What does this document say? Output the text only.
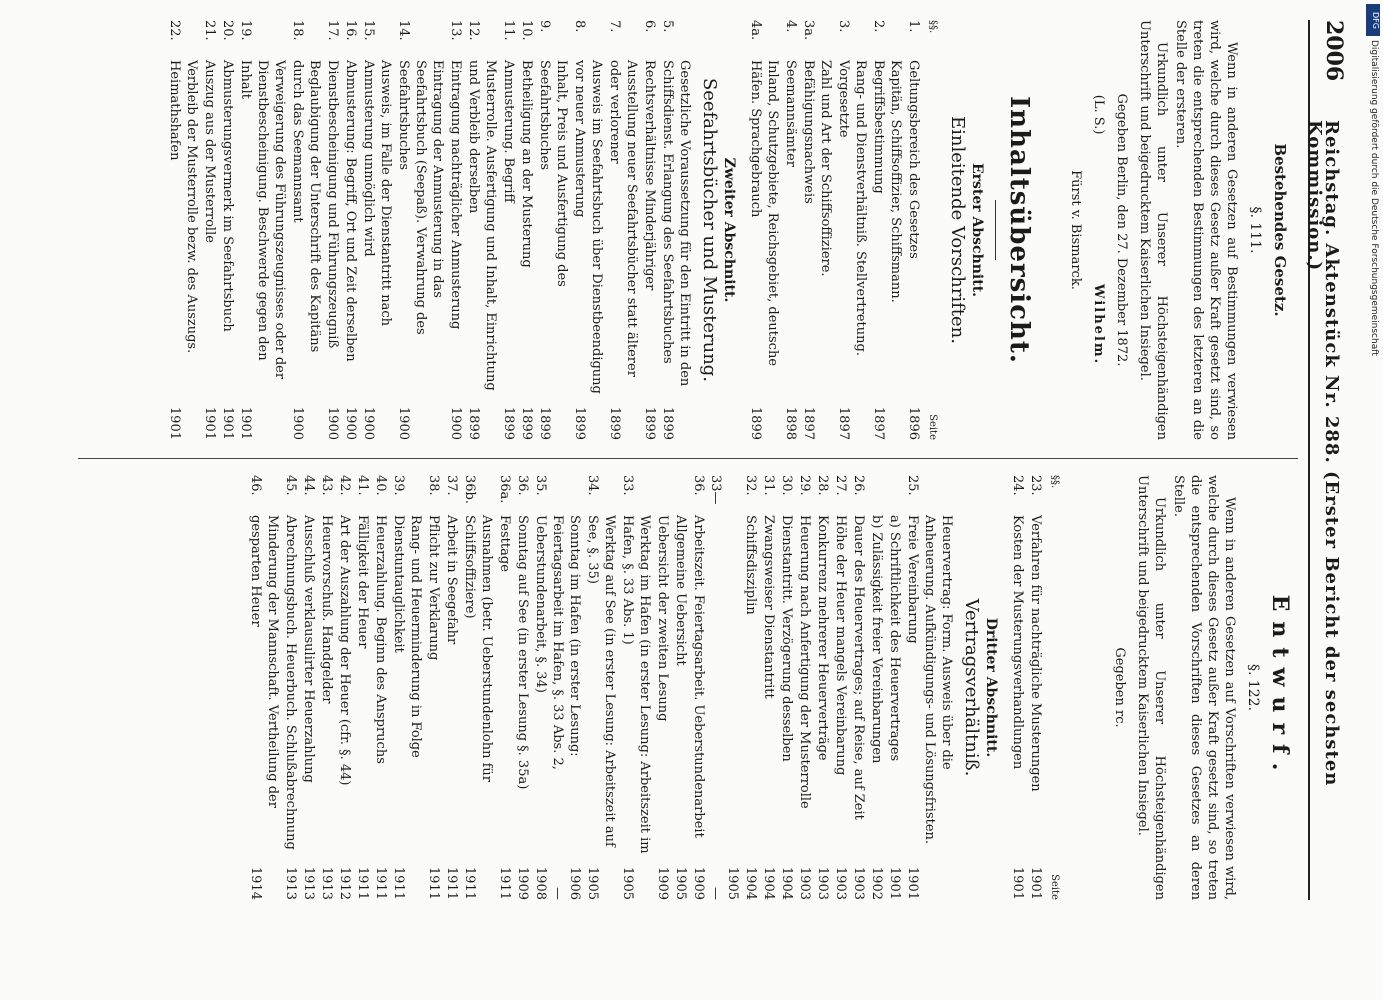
DFG
Digitalisierung gefördert durch die Deutsche Forschungsgemeinschaft
2006
Reichstag. Aktenstück Nr. 288. (Erster Bericht der sechsten Kommission.)
Bestehendes Gesetz.
§. 111.

Wenn in anderen Gesetzen auf Bestimmungen verwiesen wird, welche durch dieses Gesetz außer Kraft gesetzt sind, so treten die entsprechenden Bestimmungen des letzteren an die Stelle der ersteren.

Urkundlich unter Unserer Höchsteigenhändigen Unterschrift und beigedrucktem Kaiserlichen Insiegel.

Gegeben Berlin, den 27. Dezember 1872.
(L. S.)
Wilhelm.
Fürst v. Bismarck.
Inhaltsübersicht.
Erster Abschnitt.
Einleitende Vorschriften.
§§.
Seite
1.
Geltungsbereich des Gesetzes
1896
2.
Kapitän, Schiffsoffizier, Schiffsmann. Begriffsbestimmung
1897
3.
Rang- und Dienstverhältniß. Stellvertretung. Vorgesetzte
1897
3a.
Zahl und Art der Schiffsoffiziere. Befähigungsnachweis
1897
4.
Seemannsämter
1898
4a.
Inland, Schutzgebiete, Reichsgebiet, deutsche Häfen. Sprachgebrauch
1899
Zweiter Abschnitt.
Seefahrtsbücher und Musterung.
5.
Gesetzliche Voraussetzung für den Eintritt in den Schiffsdienst. Erlangung des Seefahrtsbuches
1899
6.
Rechtsverhältnisse Minderjähriger
1899
7.
Ausstellung neuer Seefahrtsbücher statt älterer oder verlorener
1899
8.
Ausweis im Seefahrtsbuch über Dienstbeendigung vor neuer Anmusterung
1899
9.
Inhalt, Preis und Ausfertigung des Seefahrtsbuches
1899
10.
Betheiligung an der Musterung
1899
11.
Anmusterung. Begriff
1899
12.
Musterrolle. Ausfertigung und Inhalt, Einrichtung und Verbleib derselben
1899
13.
Eintragung nachträglicher Anmusterung
1900
14.
Eintragung der Anmusterung in das Seefahrtsbuch (Seepaß). Verwahrung des Seefahrtsbuches
1900
15.
Ausweis, im Falle der Dienstantritt nach Anmusterung unmöglich wird
1900
16.
Abmusterung: Begriff, Ort und Zeit derselben
1900
17.
Dienstbescheinigung und Führungszeugniß
1900
18.
Beglaubigung der Unterschrift des Kapitäns durch das Seemannsamt
1900
19.
Verweigerung des Führungszeugnisses oder der Dienstbescheinigung. Beschwerde gegen den Inhalt
1901
20.
Abmusterungsvermerk im Seefahrtsbuch
1901
21.
Auszug aus der Musterrolle
1901
22.
Verbleib der Musterrolle bezw. des Auszugs. Heimathshafen
1901
Entwurf.
§. 122.

Wenn in anderen Gesetzen auf Vorschriften verwiesen wird, welche durch dieses Gesetz außer Kraft gesetzt sind, so treten die entsprechenden Vorschriften dieses Gesetzes an deren Stelle.

Urkundlich unter Unserer Höchsteigenhändigen Unterschrift und beigedrucktem Kaiserlichen Insiegel.

Gegeben rc.
§§.
Seite
23.
Verfahren für nachträgliche Musterungen
1901
24.
Kosten der Musterungsverhandlungen
1901
Dritter Abschnitt.
Vertragsverhältniß.
25.
Heuervertrag: Form. Ausweis über die Anheuerung. Aufkündigungs- und Lösungsfristen. Freie Vereinbarung
1901
a) Schriftlichkeit des Heuervertrages
1901
b) Zulässigkeit freier Vereinbarungen
1902
26.
Dauer des Heuervertrages; auf Reise, auf Zeit
1903
27.
Höhe der Heuer mangels Vereinbarung
1903
28.
Konkurrenz mehrerer Heuerverträge
1903
29.
Heuerung nach Anfertigung der Musterrolle
1903
30.
Dienstantritt. Verzögerung desselben
1904
31.
Zwangsweiser Dienstantritt
1904
32.
Schiffsdisziplin
1904
33—36.
Arbeitszeit. Feiertagsarbeit. Ueberstundenarbeit
1905—1909
Allgemeine Uebersicht
1905
Uebersicht der zweiten Lesung
1909
33.
Werktag im Hafen (in erster Lesung: Arbeitszeit im Hafen, §. 33 Abs. 1)
1905
34.
Werktag auf See (in erster Lesung: Arbeitszeit auf See, §. 35)
1905
35.
Sonntag im Hafen (in erster Lesung: Feiertagsarbeit im Hafen, §. 33 Abs. 2, Ueberstundenarbeit, §. 34)
1906—1908
36.
Sonntag auf See (in erster Lesung §. 35a)
1909
36a.
Festtage
1911
36b.
Ausnahmen (betr. Ueberstundenlohn für Schiffsoffiziere)
1911
37.
Arbeit in Seegefahr
1911
38.
Pflicht zur Verklarung
1911
39.
Rang- und Heuerminderung in Folge Dienstuntauglichkeit
1911
40.
Heuerzahlung. Beginn des Anspruchs
1911
41.
Fälligkeit der Heuer
1911
42.
Art der Auszahlung der Heuer (cfr. §. 44)
1912
43.
Heuervorschuß. Handgelder
1913
44.
Ausschluß verklausulirter Heuerzahlung
1913
45.
Abrechnungsbuch. Heuerbuch. Schlußabrechnung
1913
46.
Minderung der Mannschaft. Vertheilung der gesparten Heuer
1914
